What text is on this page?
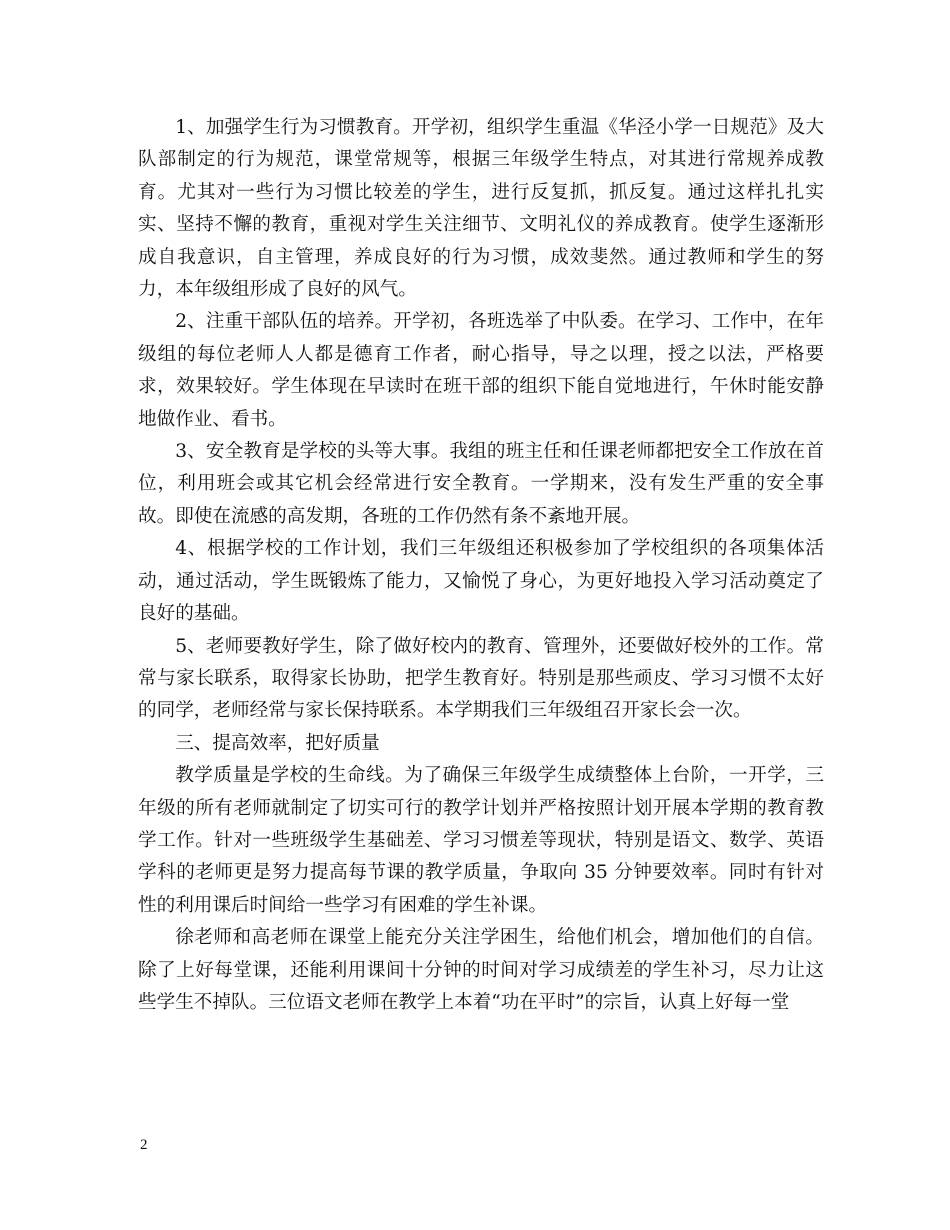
1、加强学生行为习惯教育。开学初，组织学生重温《华泾小学一日规范》及大队部制定的行为规范，课堂常规等，根据三年级学生特点，对其进行常规养成教育。尤其对一些行为习惯比较差的学生，进行反复抓，抓反复。通过这样扎扎实实、坚持不懈的教育，重视对学生关注细节、文明礼仪的养成教育。使学生逐渐形成自我意识，自主管理，养成良好的行为习惯，成效斐然。通过教师和学生的努力，本年级组形成了良好的风气。

2、注重干部队伍的培养。开学初，各班选举了中队委。在学习、工作中，在年级组的每位老师人人都是德育工作者，耐心指导，导之以理，授之以法，严格要求，效果较好。学生体现在早读时在班干部的组织下能自觉地进行，午休时能安静地做作业、看书。

3、安全教育是学校的头等大事。我组的班主任和任课老师都把安全工作放在首位，利用班会或其它机会经常进行安全教育。一学期来，没有发生严重的安全事故。即使在流感的高发期，各班的工作仍然有条不紊地开展。

4、根据学校的工作计划，我们三年级组还积极参加了学校组织的各项集体活动，通过活动，学生既锻炼了能力，又愉悦了身心，为更好地投入学习活动奠定了良好的基础。

5、老师要教好学生，除了做好校内的教育、管理外，还要做好校外的工作。常常与家长联系，取得家长协助，把学生教育好。特别是那些顽皮、学习习惯不太好的同学，老师经常与家长保持联系。本学期我们三年级组召开家长会一次。

三、提高效率，把好质量

教学质量是学校的生命线。为了确保三年级学生成绩整体上台阶，一开学，三年级的所有老师就制定了切实可行的教学计划并严格按照计划开展本学期的教育教学工作。针对一些班级学生基础差、学习习惯差等现状，特别是语文、数学、英语学科的老师更是努力提高每节课的教学质量，争取向 35 分钟要效率。同时有针对性的利用课后时间给一些学习有困难的学生补课。

徐老师和高老师在课堂上能充分关注学困生，给他们机会，增加他们的自信。除了上好每堂课，还能利用课间十分钟的时间对学习成绩差的学生补习，尽力让这些学生不掉队。三位语文老师在教学上本着“功在平时”的宗旨，认真上好每一堂

2
